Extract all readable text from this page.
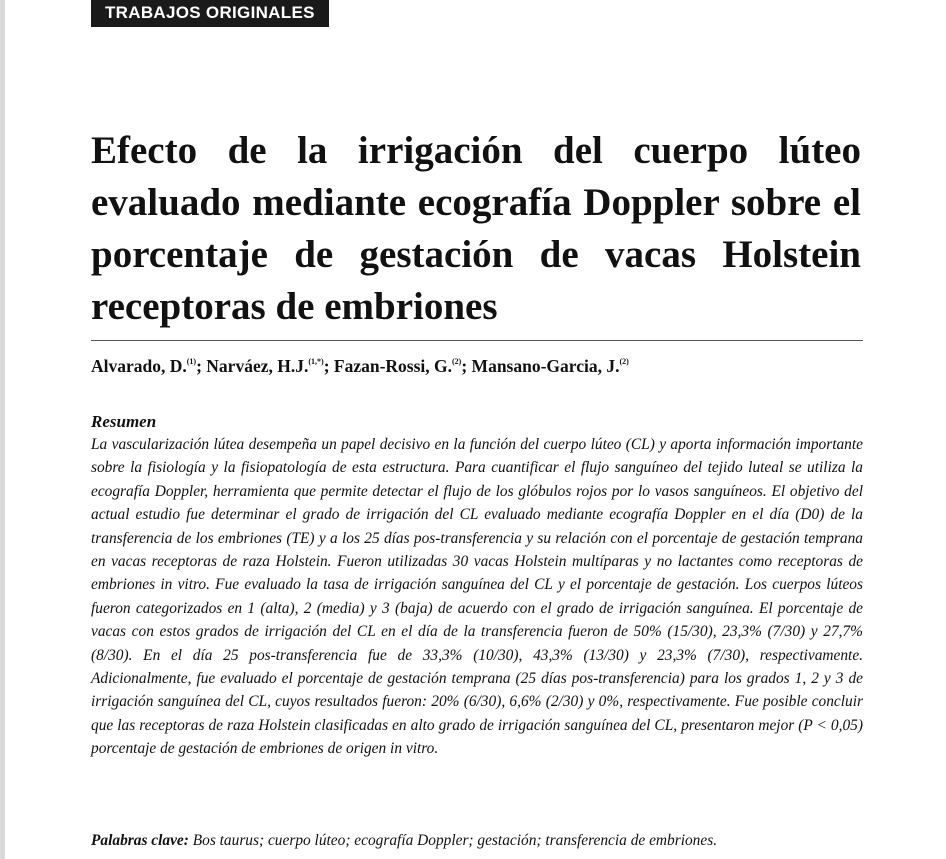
TRABAJOS ORIGINALES
Efecto de la irrigación del cuerpo lúteo evaluado mediante ecografía Doppler sobre el porcentaje de gestación de vacas Holstein receptoras de embriones

Alvarado, D.$^{(1)}$; Narváez, H.J.$^{(1,*)}$; Fazan-Rossi, G.$^{(2)}$; Mansano-Garcia, J.$^{(2)}$

Resumen

La vascularización lútea desempeña un papel decisivo en la función del cuerpo lúteo (CL) y aporta información importante sobre la fisiología y la fisiopatología de esta estructura. Para cuantificar el flujo sanguíneo del tejido luteal se utiliza la ecografía Doppler, herramienta que permite detectar el flujo de los glóbulos rojos por lo vasos sanguíneos. El objetivo del actual estudio fue determinar el grado de irrigación del CL evaluado mediante ecografía Doppler en el día (D0) de la transferencia de los embriones (TE) y a los 25 días pos-transferencia y su relación con el porcentaje de gestación temprana en vacas receptoras de raza Holstein. Fueron utilizadas 30 vacas Holstein multíparas y no lactantes como receptoras de embriones in vitro. Fue evaluado la tasa de irrigación sanguínea del CL y el porcentaje de gestación. Los cuerpos lúteos fueron categorizados en 1 (alta), 2 (media) y 3 (baja) de acuerdo con el grado de irrigación sanguínea. El porcentaje de vacas con estos grados de irrigación del CL en el día de la transferencia fueron de 50% (15/30), 23,3% (7/30) y 27,7% (8/30). En el día 25 pos-transferencia fue de 33,3% (10/30), 43,3% (13/30) y 23,3% (7/30), respectivamente. Adicionalmente, fue evaluado el porcentaje de gestación temprana (25 días pos-transferencia) para los grados 1, 2 y 3 de irrigación sanguínea del CL, cuyos resultados fueron: 20% (6/30), 6,6% (2/30) y 0%, respectivamente. Fue posible concluir que las receptoras de raza Holstein clasificadas en alto grado de irrigación sanguínea del CL, presentaron mejor (P < 0,05) porcentaje de gestación de embriones de origen in vitro.

Palabras clave: Bos taurus; cuerpo lúteo; ecografía Doppler; gestación; transferencia de embriones.
